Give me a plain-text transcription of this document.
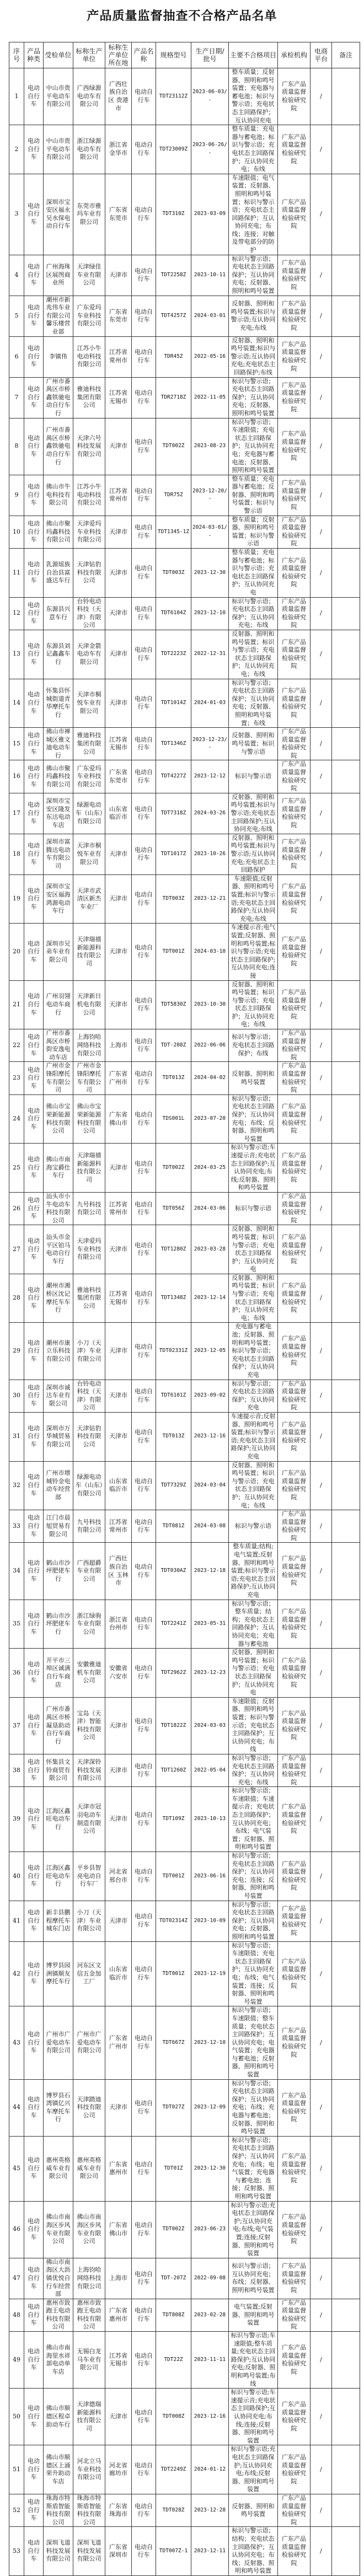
产品质量监督抽查不合格产品名单
序号	产品种类	受检单位	标称生产单位	标称生产单位所在地	产品名称	规格型号	生产日期/批号	主要不合格项目	承检机构	电商平台	备注
1	电动自行车	中山市贵平电动车有限公司	广西绿源电动车有限公司	广西壮族自治区 贵港市	电动自行车	TDT23112Z	2023-06-03/-	整车质量；反射器、照明和鸣号装置；充电器与蓄电池；标识与警示语；充电状态主回路保护；互认协同充电	广东产品质量监督检验研究院	/	
2	电动自行车	中山市贵平电动车有限公司	浙江绿源电动车有限公司	浙江省金华市	电动自行车	TDT23009Z	2023-06-26/-	整车质量：充电器与蓄电池；标识与警示语；充电状态主回路保护；互认协同充电；布线	广东产品质量监督检验研究院	/	
3	电动自行车	深圳市宝安区福永吴水保电动自行车	东莞市雅玛车业有限公司	广东省东莞市	电动自行车	TDT310Z	2023-03-09	车速限值；电气装置；反射器、照明和鸣号装置；标识与警示语；充电状态主回路保护；互认协同充电；布线；连接；对触及带电部分的防护	广东产品质量监督检验研究院	/	
4	电动自行车	广州海珠区展图商业所	天津绿佳车业有限公司	天津市	电动自行车	TDT2258Z	2023-10-11	标识与警示语；充电状态主回路保护；互认协同充电；反射器、照明和鸣号装置	广东产品质量监督检验研究院	/	
5	电动自行车	潮州市新兆伟车业有限公司馨乐楼营业部	广东爱玛车业科技有限公司	广东省东莞市	电动自行车	TDT4257Z	2024-03-01	反射器、照明和鸣号装置;标识与警示语;互认协同充电;布线	广东产品质量监督检验研究院	/	
6	电动自行车	李镇伟	江苏小牛电动科技有限公司	江苏省常州市	电动自行车	TDR45Z	2022-05-16	反射器、照明和鸣号装置;标识与警示语;互认协同充电;充电状态主回路保护;布线	广东产品质量监督检验研究院	/	
7	电动自行车	广州市番禺区市桥鑫铁驰电动自行车行	雅迪科技集团有限公司	江苏省无锡市	电动自行车	TDR2718Z	2022-11-05	标识与警示语；充电状态主回路保护；互认协同充电；反射器、照明和鸣号装置	广东产品质量监督检验研究院	/	
8	电动自行车	广州市番禺区市桥鑫铁驰电动自行车行	天津六号科技发展有限公司	天津市	电动自行车	TDT002Z	2023-08-23	标识与警示语；车速限值；充电状态主回路保护；互认协同充电；充电器与蓄电池；反射器、照明和鸣号装置	广东产品质量监督检验研究院	/	
9	电动自行车	佛山市牛电科技有限公司	江苏小牛电动科技有限公司	江苏省常州市	电动自行车	TDR75Z	2023-12-20/-	整车质量；充电器与蓄电池；反射器、照明和鸣号装置；标识与警示语	广东产品质量监督检验研究院	/	
10	电动自行车	佛山市聚玛鑫科技有限公司	天津爱玛车业科技有限公司	天津市	电动自行车	TDT1345-1Z	2024-03-01/-	整车质量；反射器、照明和鸣号装置；标识与警示语	广东产品质量监督检验研究院	/	
11	电动自行车	乳源瑶族自治县富盛达车行	天津钻豹科技有限公司	天津市	电动自行车	TDT003Z	2023-12-30	整车质量；充电器与蓄电池；标识与警示语；充电状态主回路保护；互认协同充电	广东产品质量监督检验研究院	/	
12	电动自行车	东源县兴意车行	台铃电动科技（天津）有限公司	天津市	电动自行车	TDT6104Z	2023-12-10	标识与警示语；充电状态主回路保护；互认协同充电；布线	广东产品质量监督检验研究院	/	
13	电动自行车	东源县刘记鑫鑫车行	天津金箭电动车有限公司	天津市	电动自行车	TDT2223Z	2022-12-31	反射器、照明和鸣号装置；标识与警示语；充电状态主回路保护；互认协同充电；布线	广东产品质量监督检验研究院	/	
14	电动自行车	怀集县怀城街道青华摩托车行	天津市桐悦车业有限公司	天津市	电动自行车	TDT1014Z	2024-01-03	标识与警示语；充电状态主回路保护；互认协同充电；反射器、照明和鸣号装置；布线	广东产品质量监督检验研究院	/	
15	电动自行车	佛山市禅城区雅文迪电动车行	雅迪科技集团有限公司	江苏省无锡市	电动自行车	TDT1346Z	2023-12-23/-	反射器、照明和鸣号装置；标识与警示语	广东产品质量监督检验研究院	/	
16	电动自行车	佛山市聚玛鑫科技有限公司	广东爱玛车业科技有限公司	广东省东莞市	电动自行车	TDT4227Z	2023-12-12	标识与警示语	广东产品质量监督检验研究院	/	
17	电动自行车	深圳市宝安区隆发东达电动车店	绿源电动车（山东）有限公司	山东省临沂市	电动自行车	TDT7318Z	2024-03-26	反射器、照明和鸣号装置;标识与警示语;充电状态主回路保护;互认协同充电;布线	广东产品质量监督检验研究院	/	
18	电动自行车	深圳市富腾达电动车有限公司	天津市桐悦车业有限公司	天津市	电动自行车	TDT1017Z	2023-10-26	反射器、照明和鸣号装置;标识与警示语;互认协同充电;充电状态主回路保护	广东产品质量监督检验研究院	/	
19	电动自行车	深圳市宝安区福海鸿源电动车行	天津市武清区新杰车业厂	天津市	电动自行车	TDT003Z	2023-12-21	车速限值;反射器、照明和鸣号装置;标识与警示语;充电状态主回路保护;互认协同充电;布线	广东产品质量监督检验研究院	/	
20	电动自行车	深圳市兄弟车业有限公司	天津瑞禧新能源科技有限公司	天津市	电动自行车	TDT001Z	2024-03-10	车速提示音;电气装置;反射器、照明和鸣号装置;标识与警示语;充电状态主回路保护;互认协同充电;连接	广东产品质量监督检验研究院	/	
21	电动自行车	广州羽翎电动车商行	天津新日机电有限公司	天津市	电动自行车	TDT5830Z	2023-10-30	反射器、照明和鸣号装置；标识与警示语；充电状态主回路保护；互认协同充电；布线	广东产品质量监督检验研究院	/	
22	电动自行车	广州市番禺区市桥街安逸电动车店	上海钧哈网络科技有限公司	上海市	电动自行车	TDT-208Z	2022-06-06	标识与警示语；充电状态主回路保护；布线	广东产品质量监督检验研究院	/	
23	电动自行车	广州市金锋阳摩托车有限公司	广州市金锋阳摩托车有限公司	广东省广州市	电动自行车	TDT013Z	2024-04-02	反射器、照明和鸣号装置	广东产品质量监督检验研究院	/	
24	电动自行车	佛山市宝荣新能源科技有限公司	佛山市宝荣新能源科技有限公司	广东省佛山市	电动自行车	TDS001L	2023-07-20	标识与警示语；充电状态主回路保护；互认协同充电；布线；反射器、照明和鸣号装置	广东产品质量监督检验研究院	/	
25	电动自行车	佛山市南海宝爵仕车行	天津瑞禧新能源科技有限公司	天津市	电动自行车	TDT002Z	2024-03-25	标识与警示语;车速提示音;充电状态主回路保护;互认协同充电;布线;反射器、照明和鸣号装置	广东产品质量监督检验研究院	/	
26	电动自行车	汕头市小牛电动车科技有限公司	九号科技有限公司	江苏省常州市	电动自行车	TDT056Z	2024-03-06	标识与警示语	广东产品质量监督检验研究院	/	
27	电动自行车	汕头市金平区铂马电动自行车行	天津爱玛车业科技有限公司	天津市	电动自行车	TDT1280Z	2023-03-28	反射器、照明和鸣号装置；标识与警示语；充电状态主回路保护；互认协同充电	广东产品质量监督检验研究院	/	
28	电动自行车	潮州市湘桥区沈记摩托车车行	雅迪科技集团有限公司	江苏省无锡市	电动自行车	TDT1348Z	2023-12-14	反射器、照明和鸣号装置；标识与警示语；充电状态主回路保护；互认协同充电；布线	广东产品质量监督检验研究院	/	
29	电动自行车	潮州市康立乐科技有限公司	小刀（天津）车业有限公司	天津市	电动自行车	TDT02331Z	2023-12-05	充电器与蓄电池；反射器、照明和鸣号装置；标识与警示语；充电状态主回路保护；互认协同充电	广东产品质量监督检验研究院	/	
30	电动自行车	深圳市诚达车业有限公司	台铃电动科技（天津）有限公司	天津市	电动自行车	TDT6101Z	2023-09-02	标识与警示语；充电状态主回路保护；互认协同充电	广东产品质量监督检验研究院	/	
31	电动自行车	深圳市万华城贸易有限公司	天津钻豹科技有限公司	天津市	电动自行车	TDT013Z	2023-12-16	车速提示音;反射器、照明和鸣号装置;标识与警示语;充电状态主回路保护;互认协同充电	广东产品质量监督检验研究院	/	
32	电动自行车	广州市增城铃金电动车经营部	绿源电动车（山东）有限公司	山东省临沂市	电动自行车	TDT7329Z	2024-03-04	反射器、照明和鸣号装置；标识与警示语；充电状态主回路保护；互认协同充电；布线	广东产品质量监督检验研究院	/	
33	电动自行车	江门市晨旭贸易有限公司	九号科技有限公司	江苏省常州市	电动自行车	TDT081Z	2024-03-08	标识与警示语	广东产品质量监督检验研究院	/	
34	电动自行车	鹤山市沙坪肥佬车行	广西超爵车业有限公司	广西壮族自治区 玉林市	电动自行车	TDT030AZ	2023-12-18	整车质量;结构;电气装置;反射器、照明和鸣号装置;标识与警示语;充电状态主回路保护;互认协同充电	广东产品质量监督检验研究院	/	
35	电动自行车	鹤山市沙坪肥佬车行	浙江绿驹车业有限公司	浙江省台州市	电动自行车	TDT2241Z	2023-05-31	标识与警示语；整车质量；结构；充电状态主回路保护；互认协同充电；充电器与蓄电池	广东产品质量监督检验研究院	/	
36	电动自行车	开平市三埠区诚满自行车商店	安徽雅迪机车有限公司	安徽省六安市	电动自行车	TDT2962Z	2023-12-23	反射器、照明和鸣号装置；标识与警示语；充电状态主回路保护；互认协同充电	广东产品质量监督检验研究院	/	
37	电动自行车	广州市番禺区市桥凝垦助动自行车商行	宝岛（天津）智能科技有限公司	天津市	电动自行车	TDT1822Z	2024-03-03	车速限值；反射器、照明和鸣号装置；标识与警示语；充电状态主回路保护；互认协同充电；布线	广东产品质量监督检验研究院	/	
38	电动自行车	怀集县文铃商贸有限公司	天津深铃科技发展有限公司	天津市	电动自行车	TDT1260Z	2022-05-04	标识与警示语；充电状态主回路保护；互认协同充电；布线	广东产品质量监督检验研究院	/	
39	电动自行车	江海区鑫旺电动车行	天津市冠羽电动车制造有限公司	天津市	电动自行车	TDT109Z	2023-10-13	标识与警示语；车速限值；车速提示音；充电状态主回路保护；互认协同充电；布线；电气装置；反射器、照明和鸣号装置	广东产品质量监督检验研究院	/	
40	电动自行车	江海区鑫旺电动车行	平乡县智亮电动自行车厂	河北省邢台市	电动自行车	TDT001Z	2023-06-16	标识与警示语；充电状态主回路保护；互认协同充电；连接；反射器、照明和鸣号装置	广东产品质量监督检验研究院	/	
41	电动自行车	新丰县鹏程摩托车城东门店	小刀（天津）车业有限公司	天津市	电动自行车	TDT02314Z	2023-10-09	标识与警示语；充电状态主回路保护；互认协同充电；反射器、照明和鸣号装置	广东产品质量监督检验研究院	/	
42	电动自行车	博罗县园洲镇顺友摩托车行	河东区文信五金加工厂	山东省临沂市	电动自行车	TDT001Z	2023-12-19	标识与警示语；车速限值；充电状态主回路保护；互认协同充电；布线；电气装置；连接；反射器、照明和鸣号装置	广东产品质量监督检验研究院	/	
43	电动自行车	广州市广爱电动车有限公司	广州市广爱电动车有限公司	广东省广州市	电动自行车	TDT667Z	2023-12-10	标识与警示语；车速限值；整车质量；充电状态主回路保护；互认协同充电；电气装置；充电器与蓄电池；反射器、照明和鸣号装置	广东产品质量监督检验研究院	/	
44	电动自行车	博罗县石湾镇亿兴车摩托车行	天津踏迪科技有限公司	天津市	电动自行车	TDT027Z	2023-12-09	标识与警示语；充电状态主回路保护；互认协同充电；布线；充电器与蓄电池；反射器、照明和鸣号装置	广东产品质量监督检验研究院	/	
45	电动自行车	惠州英格威车业有限公司	惠州英格威车业有限公司	广东省惠州市	电动自行车	TDT01Z	2023-12-30	标识与警示语；充电状态主回路保护；互认协同充电；布线；电气装置；充电器与蓄电池；连接；反射器、照明和鸣号装置	广东产品质量监督检验研究院	/	
46	电动自行车	佛山市南海区步风车业有限公司	佛山市南海区步风车业有限公司	广东省佛山市	电动自行车	TDT002Z	2023-06-23	标识与警示语;充电状态主回路保护;互认协同充电;布线;电气装置;连接;反射器、照明和鸣号装置	广东产品质量监督检验研究院	/	
47	电动自行车	佛山市南海区大沥镇优悦自行车经营部	上海钧哈网络科技有限公司	上海市	电动自行车	TDT-207Z	2022-09-08	标识与警示语；互认协同充电；布线；反射器、照明和鸣号装置	广东产品质量监督检验研究院	/	
48	电动自行车	惠州市致跑王电动科技有限公司	惠州市致跑王电动科技有限公司	广东省惠州市	电动自行车	TDT808Z	2023-02-28	电气装置;反射器、照明和鸣号装置	广东产品质量监督检验研究院	/	
49	电动自行车	佛山市南海里水祥部电动单车店	无锡白龙马车业有限公司	江苏省无锡市	电动自行车	TDT22Z	2023-11-11	标识与警示语;车速限值;整车质量;充电状态主回路保护;互认协同充电;反射器、照明和鸣号装置;布线	广东产品质量监督检验研究院	/	
50	电动自行车	佛山市顺德区程卓助动车行	天津德瑞新能源科技有限公司	天津市	电动自行车	TDT008Z	2023-12-16	标识与警示语;车速提示音;充电状态主回路保护;互认协同充电;布线;连接;反射器、照明和鸣号装置	广东产品质量监督检验研究院	/	
51	电动自行车	佛山市顺德区上涌荣升助动车店	河北立马车业科技有限公司	河北省廊坊市	电动自行车	TDT2249Z	2024-01-12	标识与警示语;充电状态主回路保护;互认协同充电;布线;反射器、照明和鸣号装置	广东产品质量监督检验研究院	/	
52	电动自行车	珠海市特斯盾智能科技有限公司	珠海市特斯盾智能科技有限公司	广东省珠海市	电动自行车	TDT028Z	2023-12-28	反射器、照明和鸣号装置	广东产品质量监督检验研究院	/	
53	电动自行车	深圳飞道科技发展有限公司	深圳飞道科技发展有限公司	广东省深圳市	电动自行车	TDT007Z-1	2023-12-11	标识与警示语；结构；充电状态主回路保护；互认协同充电；布线；反射器、照明和鸣号装置	广东产品质量监督检验研究院	/	
